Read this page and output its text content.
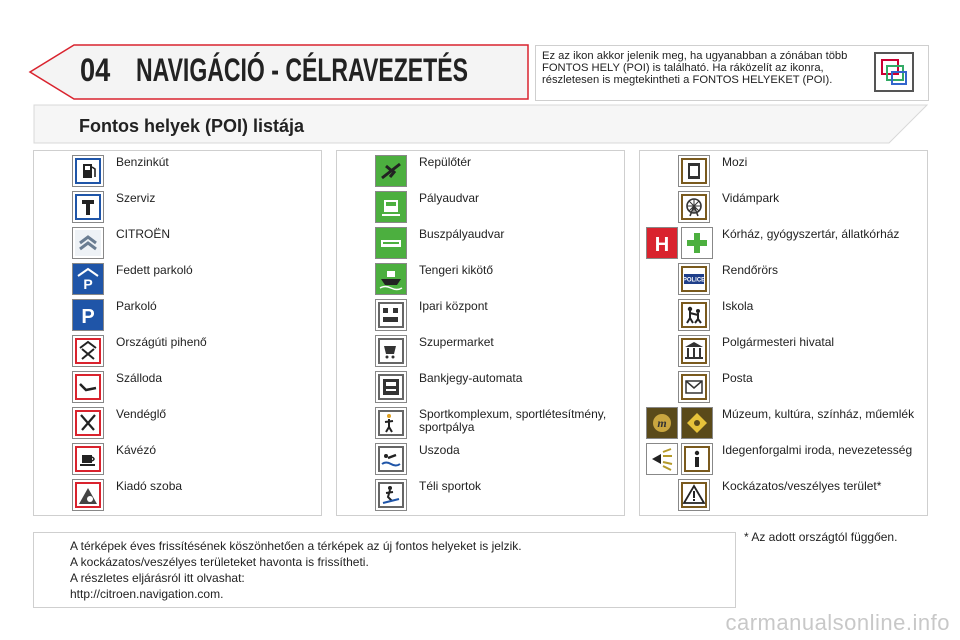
04 NAVIGÁCIÓ - CÉLRAVEZETÉS	Ez az ikon akkor jelenik meg, ha ugyanabban a zónában több FONTOS HELY (POI) is található. Ha ráközelít az ikonra, részletesen is megtekintheti a FONTOS HELYEKET (POI).
Fontos helyek (POI) listája
Benzinkút
Szerviz
CITROËN
P
Fedett parkoló
P Parkoló
Országúti pihenő
Szálloda
Vendéglő
Kávézó
Kiadó szoba
Repülőtér
Pályaudvar
Buszpályaudvar
Tengeri kikötő
Ipari központ
Szupermarket
Bankjegy-automata
Sportkomplexum, sportlétesítmény, sportpálya
Uszoda
Téli sportok
Mozi
Vidámpark
H	Kórház, gyógyszertár, állatkórház
POLICE
Rendőrörs
Iskola
Polgármesteri hivatal
Posta
m
Múzeum, kultúra, színház, műemlék
Idegenforgalmi iroda, nevezetesség
Kockázatos/veszélyes terület*

A térképek éves frissítésének köszönhetően a térképek az új fontos helyeket is jelzik.

A kockázatos/veszélyes területeket havonta is frissítheti.

A részletes eljárásról itt olvashat:

http://citroen.navigation.com.

* Az adott országtól függően.
carmanualsonline.info
